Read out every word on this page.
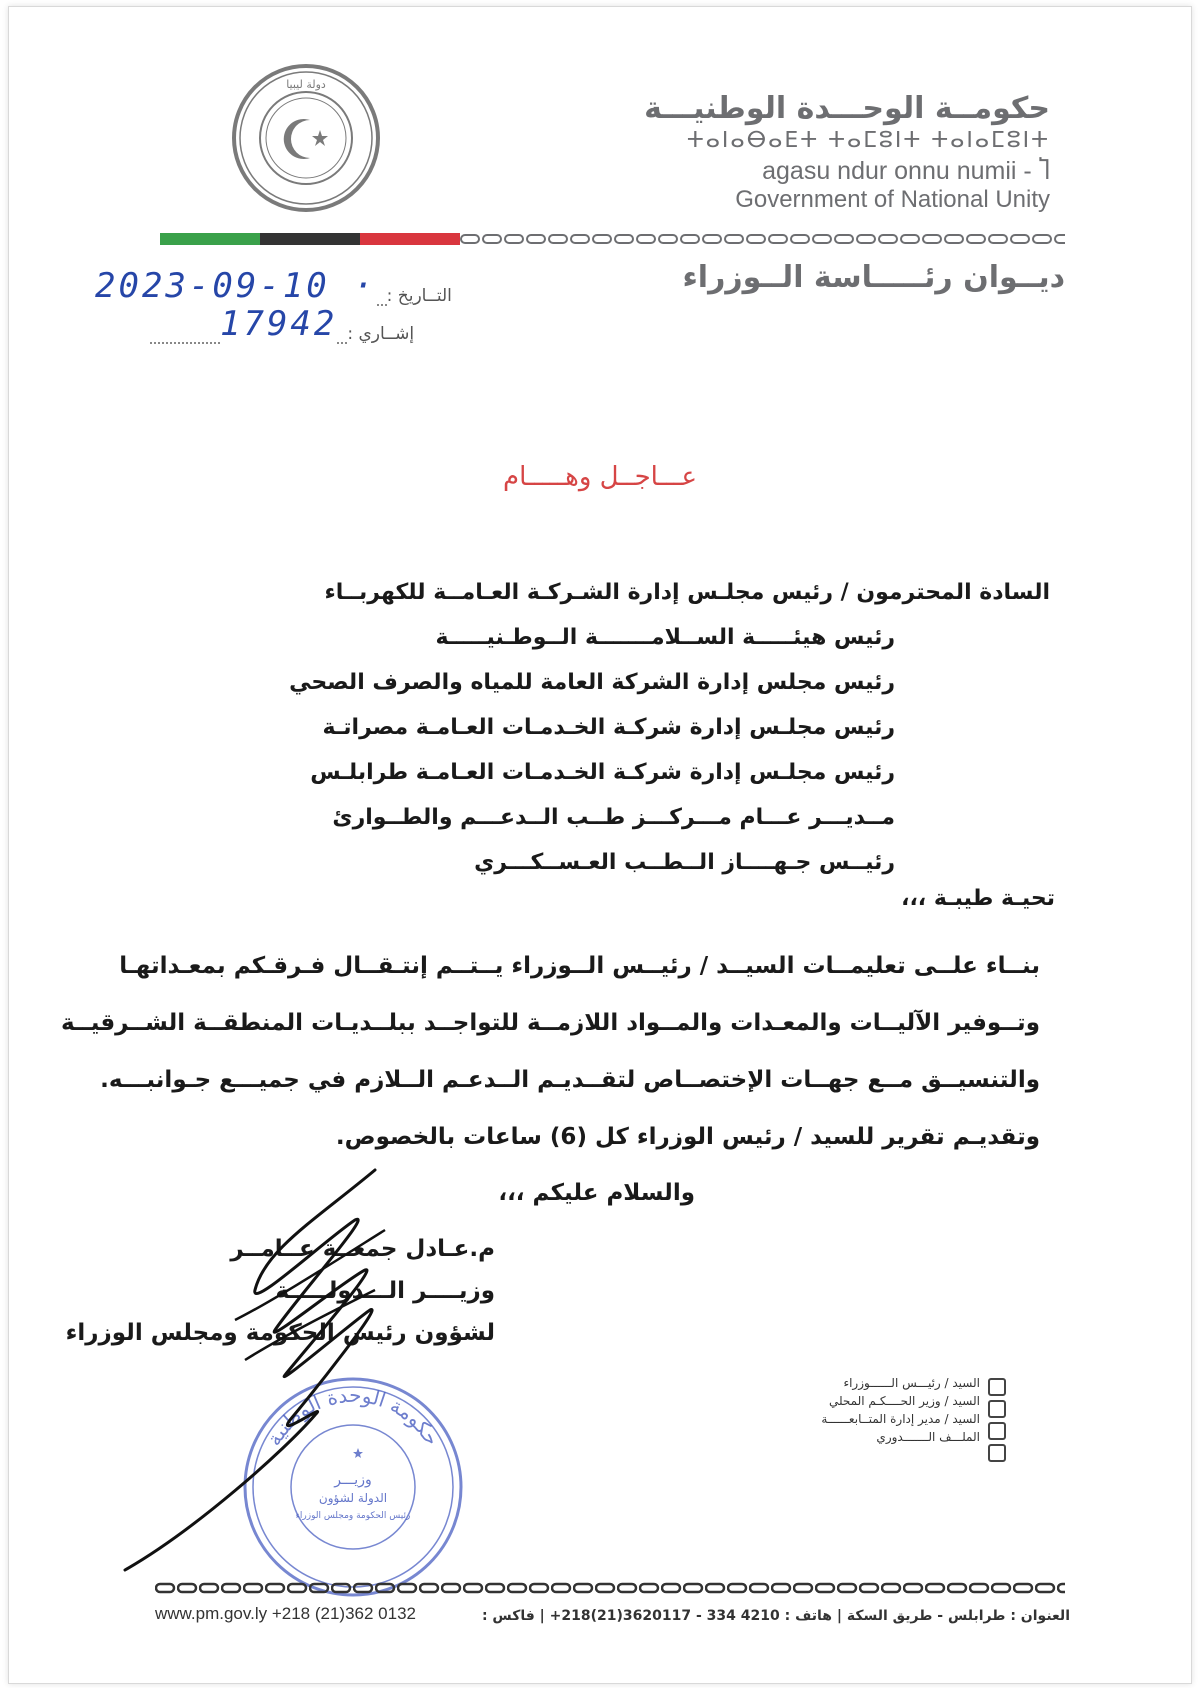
دولة ليبيا
حكومــة الوحـــدة الوطنيـــة
ⵜⴰⵏⴰⴱⴰⴹⵜ ⵜⴰⵎⵓⵏⵜ ⵜⴰⵏⴰⵎⵓⵏⵜ
agasu ndur onnu numii - Ⴈ
Government of National Unity
ديــوان رئـــــاسة الــوزراء
2023-09-10 · التــاريخ :
17942 إشــاري :
عـــاجــل وهـــــام
السادة المحترمون / رئيس مجلـس إدارة الشـركـة العـامــة للكهربــاء
رئيس هيئـــــة الســلامـــــــة الــوطـنيـــــة
رئيس مجلس إدارة الشركة العامة للمياه والصرف الصحي
رئيس مجلـس إدارة شركـة الخـدمـات العـامـة مصراتـة
رئيس مجلـس إدارة شركـة الخـدمـات العـامـة طرابلـس
مــديـــر عـــام مـــركـــز طــب الــدعـــم والطــوارئ
رئيــس جـهــــاز الــطــب العـســكـــري
تحيـة طيبـة ،،،
بنــاء علــى تعليمــات السيــد / رئيــس الــوزراء يــتــم إنتـقــال فـرقـكم بمعـداتهـا
وتــوفير الآليــات والمعـدات والمــواد اللازمــة للتواجــد ببلــديـات المنطقــة الشــرقيــة
والتنسيــق مــع جهــات الإختصــاص لتقــديـم الــدعـم الــلازم في جميـــع جـوانبـــه.
وتقديـم تقرير للسيد / رئيس الوزراء كل (6) ساعات بالخصوص.
والسلام عليكم ،،،
م.عـادل جمعــة عــامــر
وزيــــر الـــدولـــــة
لشؤون رئيس الحكومة ومجلس الوزراء
حكومة الوحدة الوطنية
وزيـــر
الدولة لشؤون
رئيس الحكومة ومجلس الوزراء
السيد / رئيـــس الــــــوزراء
السيد / وزير الحــــكـم المحلي
السيد / مدير إدارة المتــابعــــــة
الملـــف الـــــــدوري
العنوان : طرابلس - طريق السكة | هاتف : 4210 334 - 3620117(21)218+ | فاكس :
www.pm.gov.ly +218 (21)362 0132
